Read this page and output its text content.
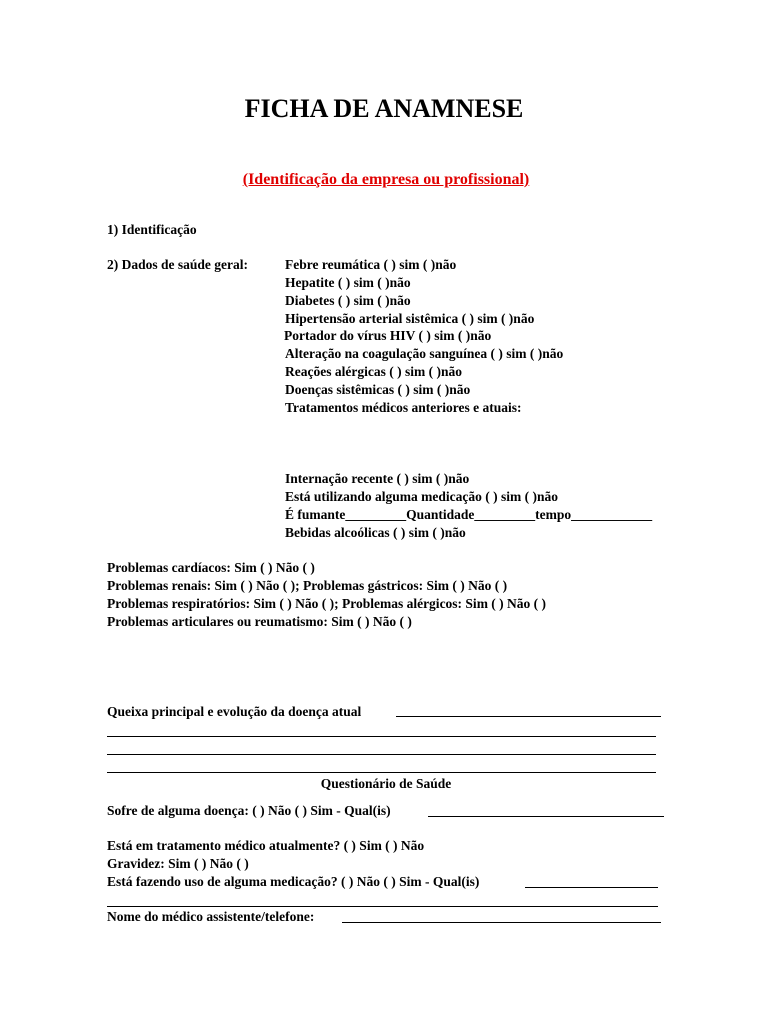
FICHA DE ANAMNESE
(Identificação da empresa ou profissional)
1) Identificação
2) Dados de saúde geral:	Febre reumática ( ) sim ( )não
Hepatite ( ) sim ( )não
Diabetes ( ) sim ( )não
Hipertensão arterial sistêmica ( ) sim ( )não
Portador do vírus HIV ( ) sim ( )não
Alteração na coagulação sanguínea ( ) sim ( )não
Reações alérgicas ( ) sim ( )não
Doenças sistêmicas ( ) sim ( )não
Tratamentos médicos anteriores e atuais:
Internação recente ( ) sim ( )não
Está utilizando alguma medicação ( ) sim ( )não
É fumante_________Quantidade_________tempo____________
Bebidas alcoólicas ( ) sim ( )não
Problemas cardíacos: Sim ( ) Não ( )
Problemas renais: Sim ( ) Não ( ); Problemas gástricos: Sim ( ) Não ( )
Problemas respiratórios: Sim ( ) Não ( ); Problemas alérgicos: Sim ( ) Não ( )
Problemas articulares ou reumatismo: Sim ( ) Não ( )
Queixa principal e evolução da doença atual
Questionário de Saúde
Sofre de alguma doença: ( ) Não ( ) Sim - Qual(is)
Está em tratamento médico atualmente? ( ) Sim ( ) Não
Gravidez: Sim ( ) Não ( )
Está fazendo uso de alguma medicação? ( ) Não ( ) Sim - Qual(is)
Nome do médico assistente/telefone:
